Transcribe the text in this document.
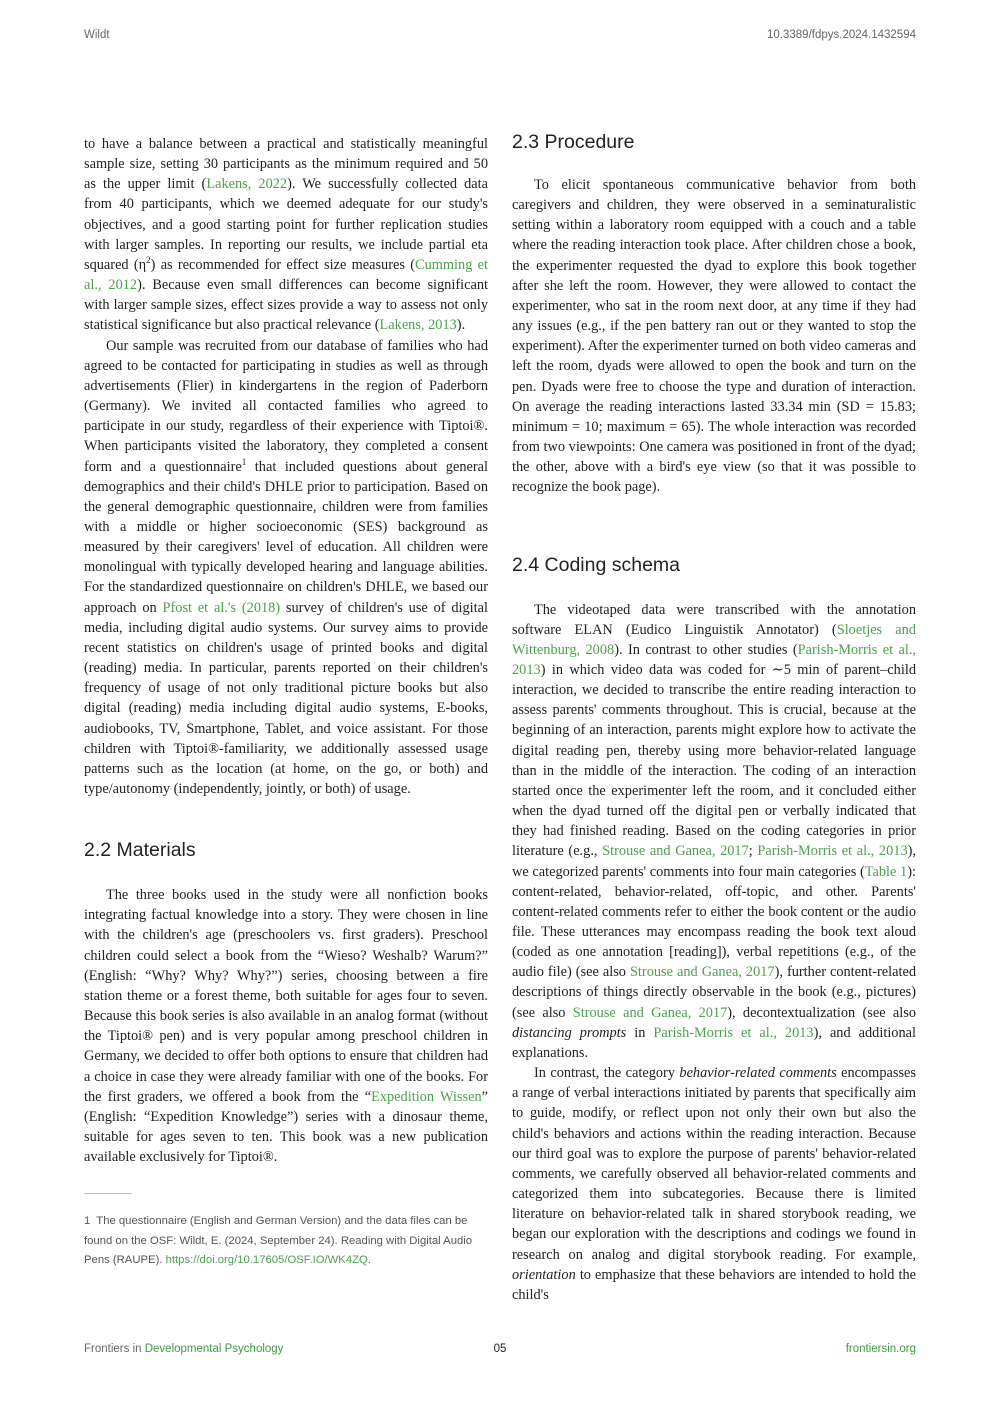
Wildt	10.3389/fdpys.2024.1432594

to have a balance between a practical and statistically meaningful sample size, setting 30 participants as the minimum required and 50 as the upper limit (Lakens, 2022). We successfully collected data from 40 participants, which we deemed adequate for our study's objectives, and a good starting point for further replication studies with larger samples. In reporting our results, we include partial eta squared $(\eta^2)$ as recommended for effect size measures (Cumming et al., 2012). Because even small differences can become significant with larger sample sizes, effect sizes provide a way to assess not only statistical significance but also practical relevance (Lakens, 2013).

Our sample was recruited from our database of families who had agreed to be contacted for participating in studies as well as through advertisements (Flier) in kindergartens in the region of Paderborn (Germany). We invited all contacted families who agreed to participate in our study, regardless of their experience with Tiptoi®. When participants visited the laboratory, they completed a consent form and a questionnaire$^1$ that included questions about general demographics and their child's DHLE prior to participation. Based on the general demographic questionnaire, children were from families with a middle or higher socioeconomic (SES) background as measured by their caregivers' level of education. All children were monolingual with typically developed hearing and language abilities. For the standardized questionnaire on children's DHLE, we based our approach on Pfost et al.'s (2018) survey of children's use of digital media, including digital audio systems. Our survey aims to provide recent statistics on children's usage of printed books and digital (reading) media. In particular, parents reported on their children's frequency of usage of not only traditional picture books but also digital (reading) media including digital audio systems, E-books, audiobooks, TV, Smartphone, Tablet, and voice assistant. For those children with Tiptoi®-familiarity, we additionally assessed usage patterns such as the location (at home, on the go, or both) and type/autonomy (independently, jointly, or both) of usage.

2.2 Materials

The three books used in the study were all nonfiction books integrating factual knowledge into a story. They were chosen in line with the children's age (preschoolers vs. first graders). Preschool children could select a book from the “Wieso? Weshalb? Warum?” (English: “Why? Why? Why?”) series, choosing between a fire station theme or a forest theme, both suitable for ages four to seven. Because this book series is also available in an analog format (without the Tiptoi® pen) and is very popular among preschool children in Germany, we decided to offer both options to ensure that children had a choice in case they were already familiar with one of the books. For the first graders, we offered a book from the “Expedition Wissen” (English: “Expedition Knowledge”) series with a dinosaur theme, suitable for ages seven to ten. This book was a new publication available exclusively for Tiptoi®.

1 The questionnaire (English and German Version) and the data files can be found on the OSF: Wildt, E. (2024, September 24). Reading with Digital Audio Pens (RAUPE). https://doi.org/10.17605/OSF.IO/WK4ZQ.

2.3 Procedure

To elicit spontaneous communicative behavior from both caregivers and children, they were observed in a seminaturalistic setting within a laboratory room equipped with a couch and a table where the reading interaction took place. After children chose a book, the experimenter requested the dyad to explore this book together after she left the room. However, they were allowed to contact the experimenter, who sat in the room next door, at any time if they had any issues (e.g., if the pen battery ran out or they wanted to stop the experiment). After the experimenter turned on both video cameras and left the room, dyads were allowed to open the book and turn on the pen. Dyads were free to choose the type and duration of interaction. On average the reading interactions lasted 33.34 min (SD = 15.83; minimum = 10; maximum = 65). The whole interaction was recorded from two viewpoints: One camera was positioned in front of the dyad; the other, above with a bird's eye view (so that it was possible to recognize the book page).

2.4 Coding schema

The videotaped data were transcribed with the annotation software ELAN (Eudico Linguistik Annotator) (Sloetjes and Wittenburg, 2008). In contrast to other studies (Parish-Morris et al., 2013) in which video data was coded for ∼5 min of parent–child interaction, we decided to transcribe the entire reading interaction to assess parents' comments throughout. This is crucial, because at the beginning of an interaction, parents might explore how to activate the digital reading pen, thereby using more behavior-related language than in the middle of the interaction. The coding of an interaction started once the experimenter left the room, and it concluded either when the dyad turned off the digital pen or verbally indicated that they had finished reading. Based on the coding categories in prior literature (e.g., Strouse and Ganea, 2017; Parish-Morris et al., 2013), we categorized parents' comments into four main categories (Table 1): content-related, behavior-related, off-topic, and other. Parents' content-related comments refer to either the book content or the audio file. These utterances may encompass reading the book text aloud (coded as one annotation [reading]), verbal repetitions (e.g., of the audio file) (see also Strouse and Ganea, 2017), further content-related descriptions of things directly observable in the book (e.g., pictures) (see also Strouse and Ganea, 2017), decontextualization (see also distancing prompts in Parish-Morris et al., 2013), and additional explanations.

In contrast, the category behavior-related comments encompasses a range of verbal interactions initiated by parents that specifically aim to guide, modify, or reflect upon not only their own but also the child's behaviors and actions within the reading interaction. Because our third goal was to explore the purpose of parents' behavior-related comments, we carefully observed all behavior-related comments and categorized them into subcategories. Because there is limited literature on behavior-related talk in shared storybook reading, we began our exploration with the descriptions and codings we found in research on analog and digital storybook reading. For example, orientation to emphasize that these behaviors are intended to hold the child's

Frontiers in Developmental Psychology	05	frontiersin.org
